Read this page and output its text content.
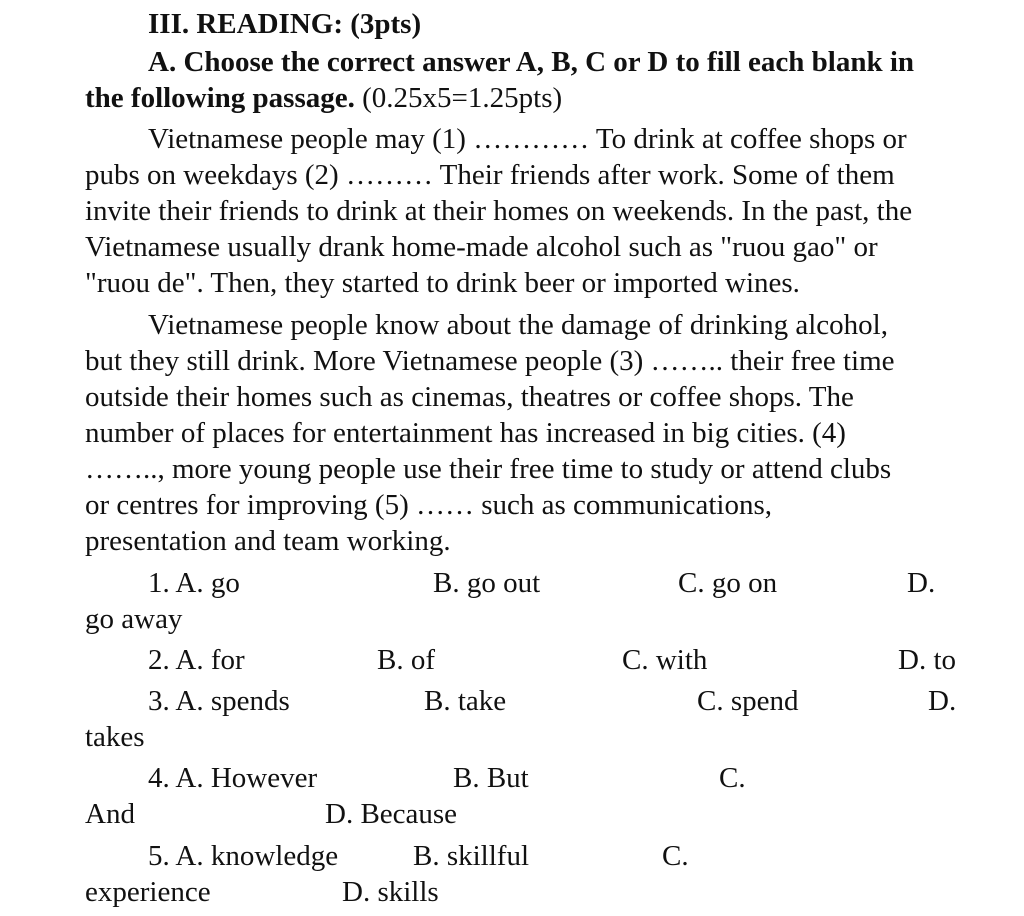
III. READING: (3pts)
A. Choose the correct answer A, B, C or D to fill each blank in
the following passage. (0.25x5=1.25pts)
Vietnamese people may (1) ………… To drink at coffee shops or
pubs on weekdays (2) ……… Their friends after work. Some of them
invite their friends to drink at their homes on weekends. In the past, the
Vietnamese usually drank home-made alcohol such as "ruou gao" or
"ruou de". Then, they started to drink beer or imported wines.
Vietnamese people know about the damage of drinking alcohol,
but they still drink. More Vietnamese people (3) …….. their free time
outside their homes such as cinemas, theatres or coffee shops. The
number of places for entertainment has increased in big cities. (4)
…….., more young people use their free time to study or attend clubs
or centres for improving (5) …… such as communications,
presentation and team working.
1. A. go	B. go out	C. go on	D.
go away
2. A. for	B. of	C. with	D. to
3. A. spends	B. take	C. spend	D.
takes
4. A. However	B. But	C.
And	D. Because
5. A. knowledge	B. skillful	C.
experience	D. skills
